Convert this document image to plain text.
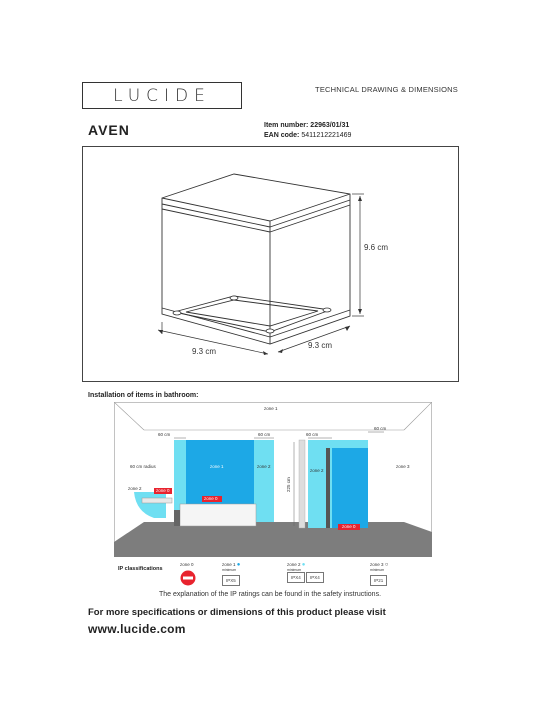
LUCIDE	TECHNICAL DRAWING & DIMENSIONS
AVEN	Item number: 22963/01/31
EAN code: 5411212221469
9.6 cm
9.3 cm
9.3 cm
Installation of items in bathroom:
zone 1
zone 1	zone 2
zone 2
zone 2
zone 3
60 cm	60 cm	60 cm
60 cm
60 cm radius
zone 0
zone 0
zone 0
225 cm
IP classifications
zone 0	zone 1 ●
minimum
IPX5
zone 2 ●
minimum
IPX4 IPX4
zone 3 ○
minimum
IP21
The explanation of the IP ratings can be found in the safety instructions.
For more specifications or dimensions of this product please visit
www.lucide.com
